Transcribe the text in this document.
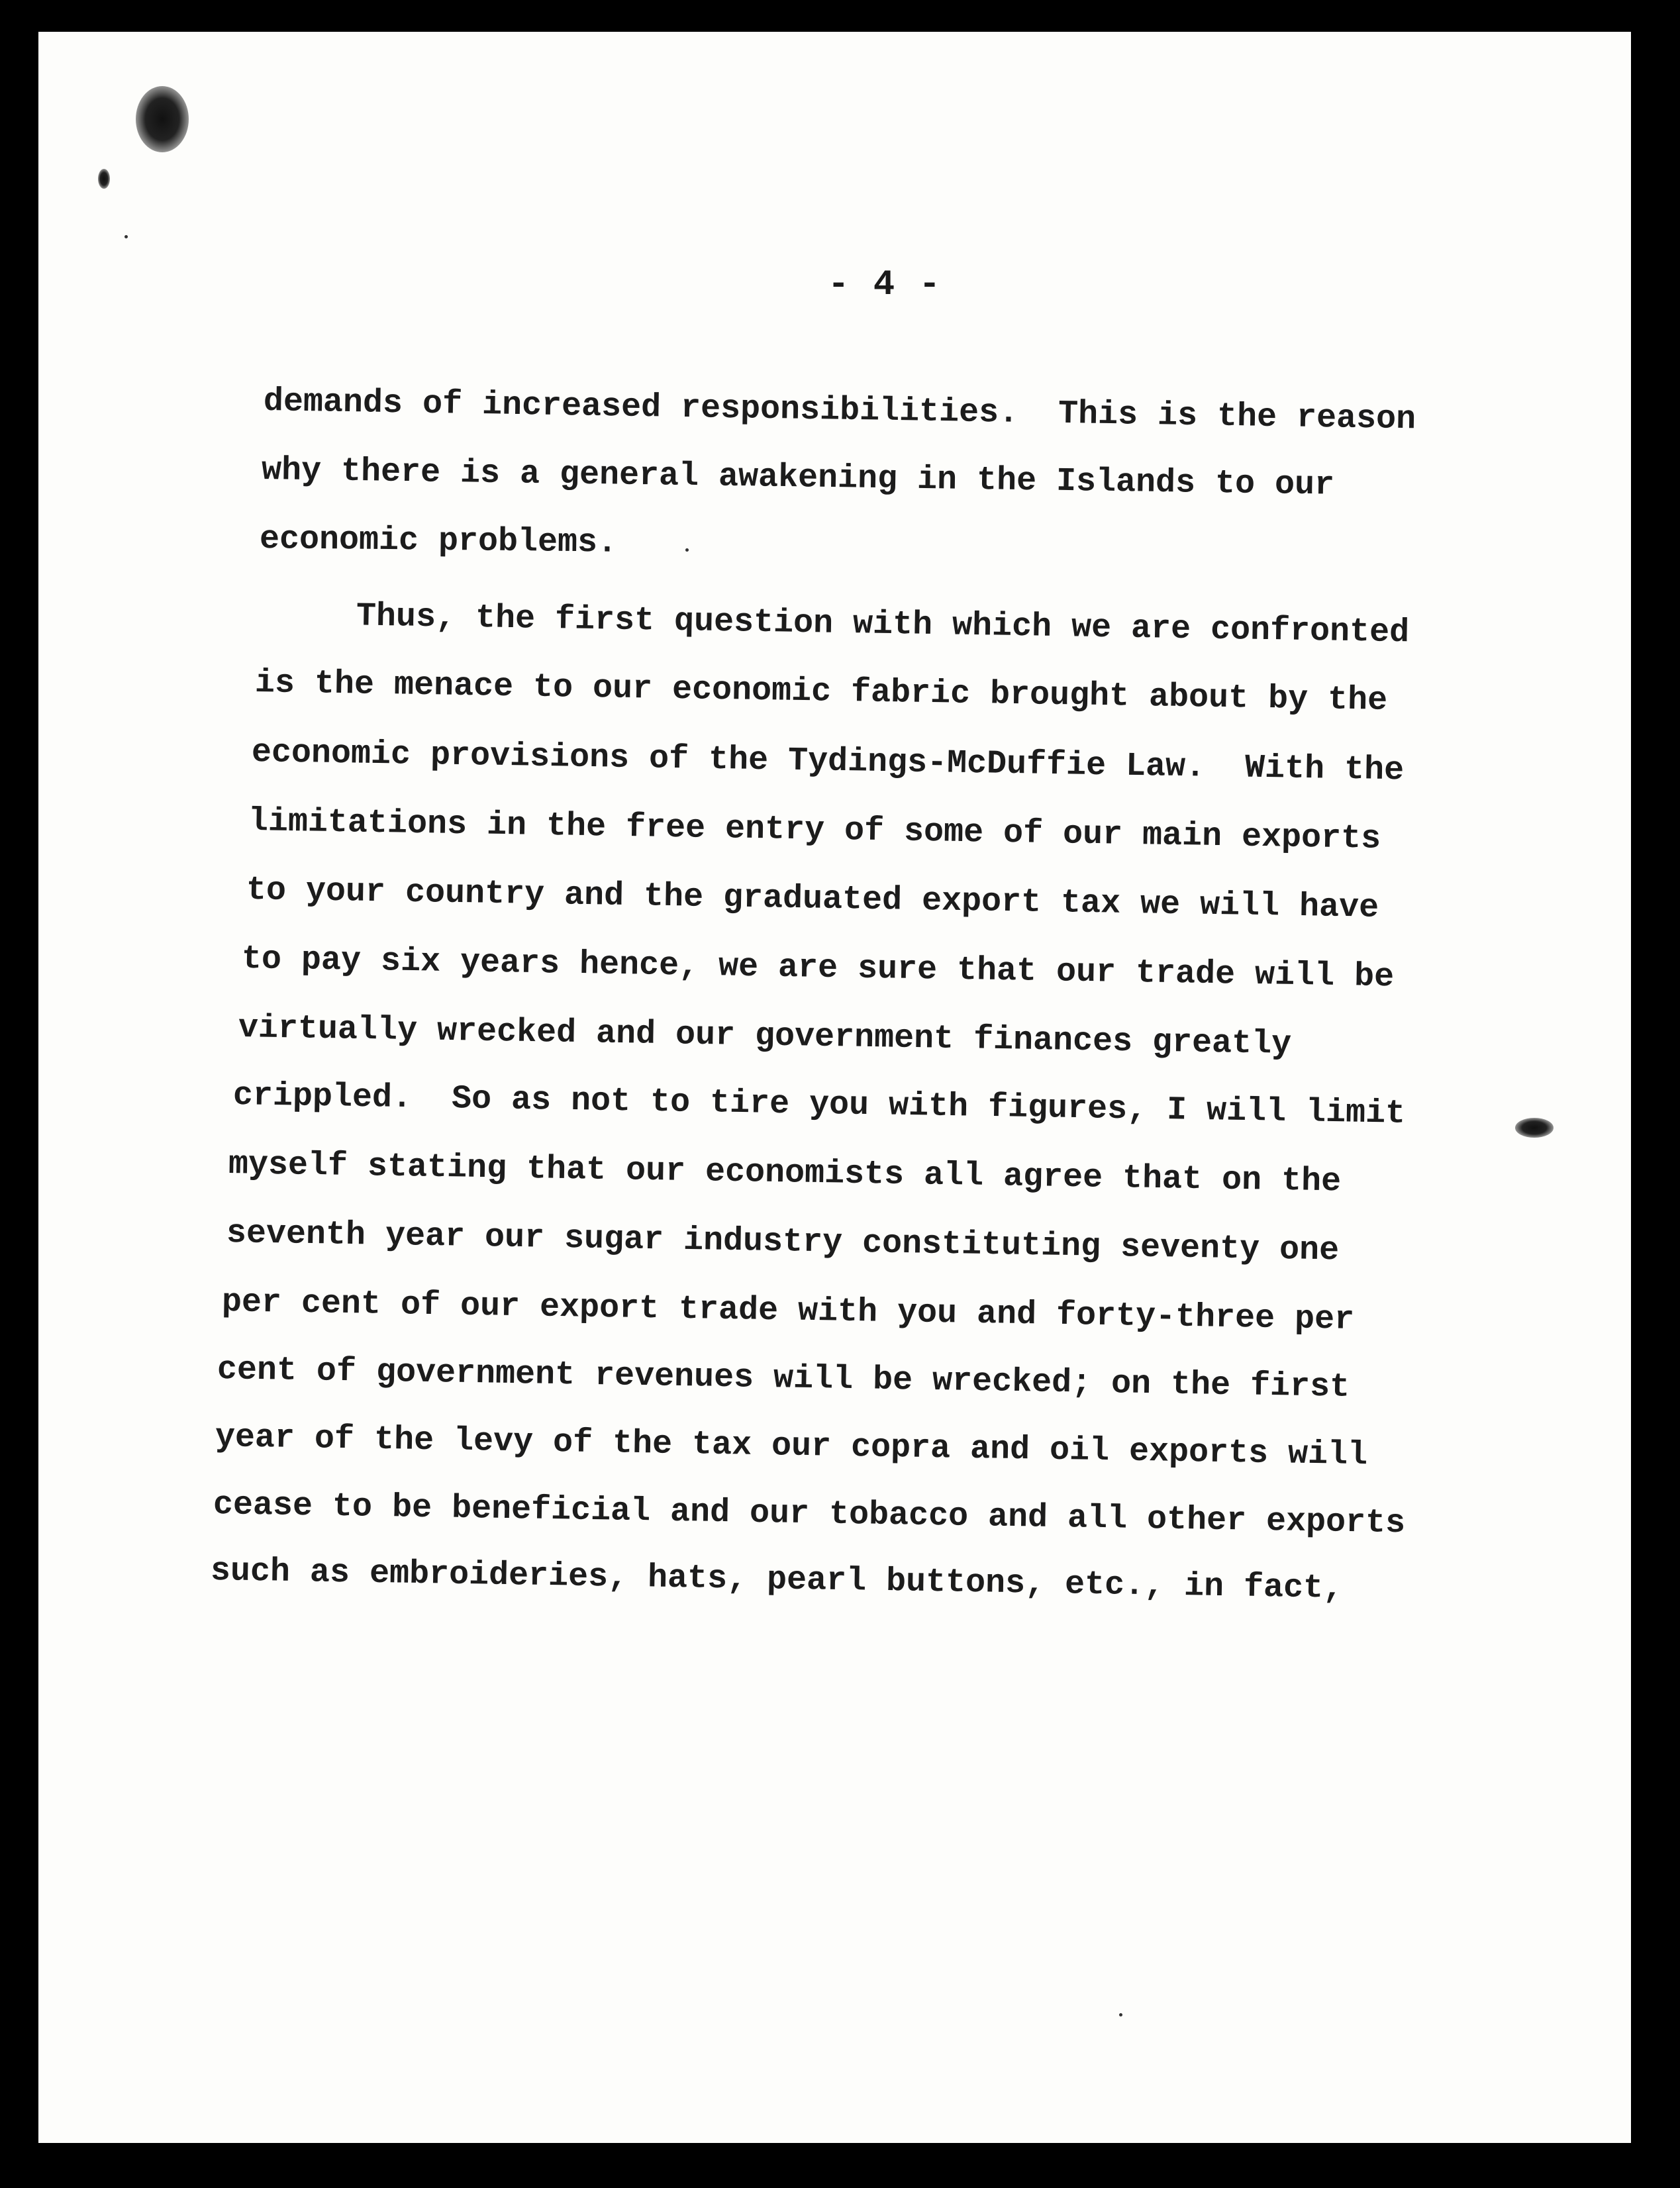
- 4 -
demands of increased responsibilities.  This is the reason
why there is a general awakening in the Islands to our
economic problems.
Thus, the first question with which we are confronted
is the menace to our economic fabric brought about by the
economic provisions of the Tydings-McDuffie Law.  With the
limitations in the free entry of some of our main exports
to your country and the graduated export tax we will have
to pay six years hence, we are sure that our trade will be
virtually wrecked and our government finances greatly
crippled.  So as not to tire you with figures, I will limit
myself stating that our economists all agree that on the
seventh year our sugar industry constituting seventy one
per cent of our export trade with you and forty-three per
cent of government revenues will be wrecked; on the first
year of the levy of the tax our copra and oil exports will
cease to be beneficial and our tobacco and all other exports
such as embroideries, hats, pearl buttons, etc., in fact,
